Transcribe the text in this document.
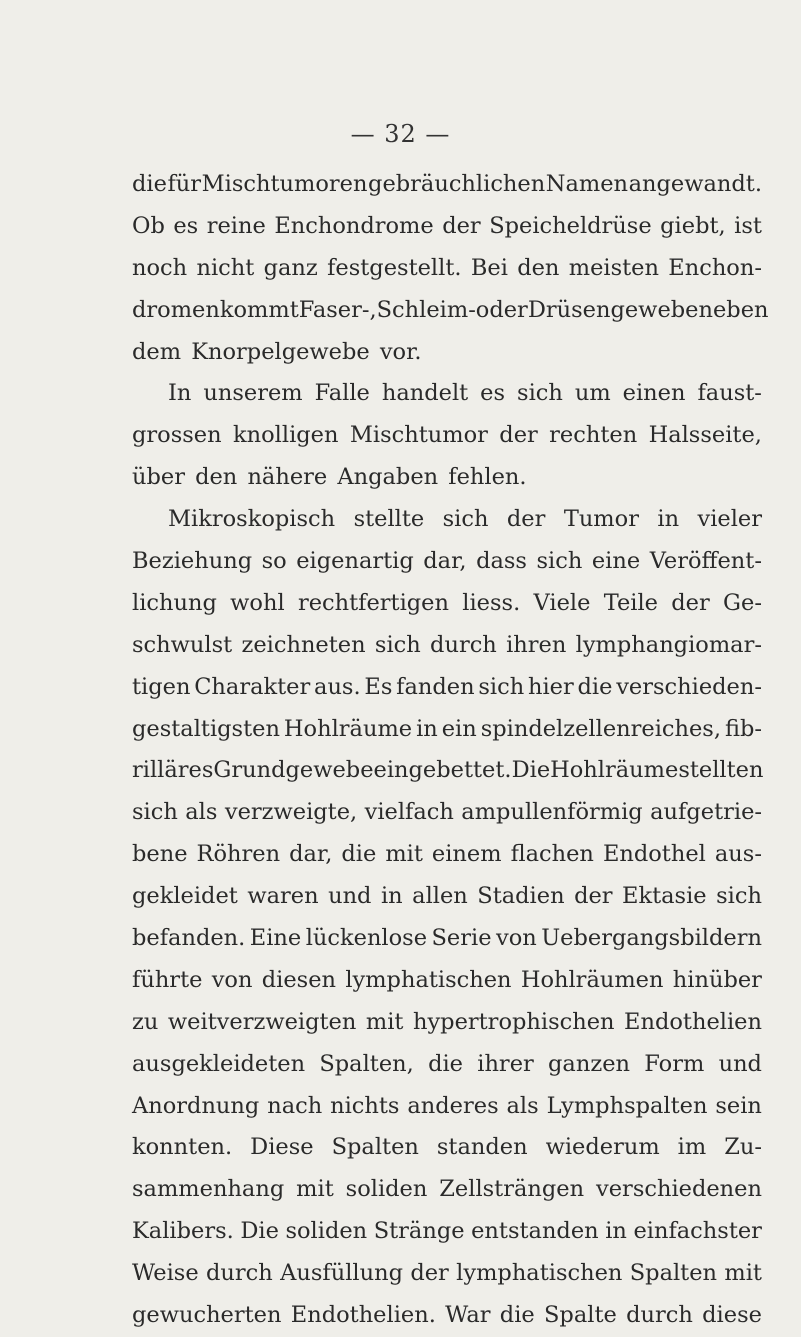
— 32 —
die für Mischtumoren gebräuchlichen Namen angewandt.
Ob es reine Enchondrome der Speicheldrüse giebt, ist
noch nicht ganz festgestellt. Bei den meisten Enchon-
dromen kommt Faser-, Schleim- oder Drüsengewebe neben
dem Knorpelgewebe vor.
In unserem Falle handelt es sich um einen faust-
grossen knolligen Mischtumor der rechten Halsseite,
über den nähere Angaben fehlen.
Mikroskopisch stellte sich der Tumor in vieler
Beziehung so eigenartig dar, dass sich eine Veröffent-
lichung wohl rechtfertigen liess. Viele Teile der Ge-
schwulst zeichneten sich durch ihren lymphangiomar-
tigen Charakter aus. Es fanden sich hier die verschieden-
gestaltigsten Hohlräume in ein spindelzellenreiches, fib-
rilläres Grundgewebe eingebettet. Die Hohlräume stellten
sich als verzweigte, vielfach ampullenförmig aufgetrie-
bene Röhren dar, die mit einem flachen Endothel aus-
gekleidet waren und in allen Stadien der Ektasie sich
befanden. Eine lückenlose Serie von Uebergangsbildern
führte von diesen lymphatischen Hohlräumen hinüber
zu weitverzweigten mit hypertrophischen Endothelien
ausgekleideten Spalten, die ihrer ganzen Form und
Anordnung nach nichts anderes als Lymphspalten sein
konnten. Diese Spalten standen wiederum im Zu-
sammenhang mit soliden Zellsträngen verschiedenen
Kalibers. Die soliden Stränge entstanden in einfachster
Weise durch Ausfüllung der lymphatischen Spalten mit
gewucherten Endothelien. War die Spalte durch diese
